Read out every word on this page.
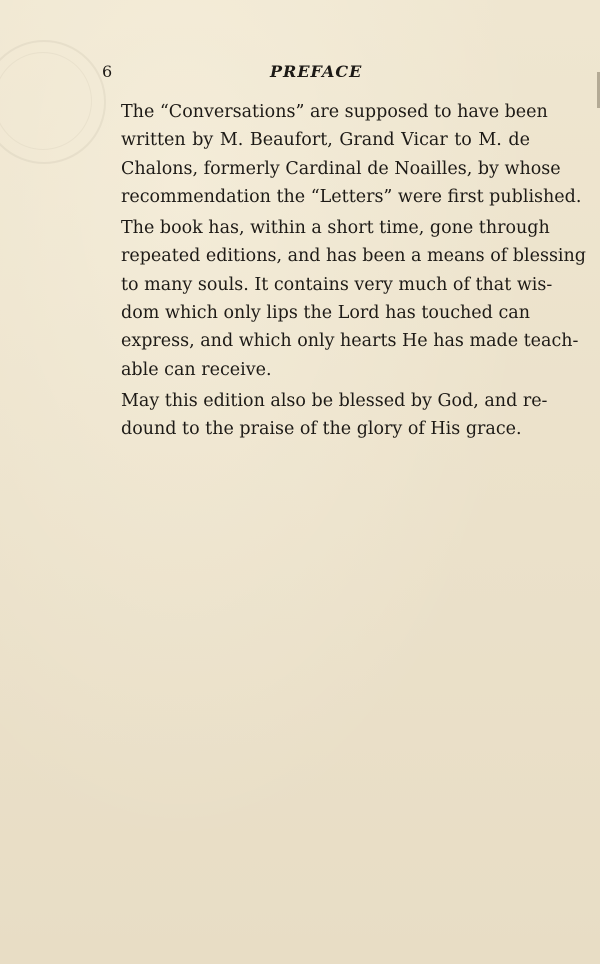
6	PREFACE

The “Conversations” are supposed to have been
written by M. Beaufort, Grand Vicar to M. de
Chalons, formerly Cardinal de Noailles, by whose
recommendation the “Letters” were first published.

The book has, within a short time, gone through
repeated editions, and has been a means of blessing
to many souls. It contains very much of that wis-
dom which only lips the Lord has touched can
express, and which only hearts He has made teach-
able can receive.

May this edition also be blessed by God, and re-
dound to the praise of the glory of His grace.
